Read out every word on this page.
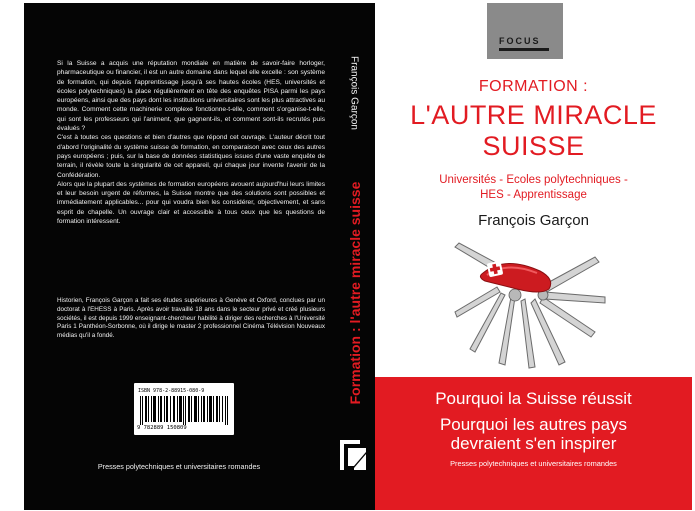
Si la Suisse a acquis une réputation mondiale en matière de savoir-faire horloger, pharmaceutique ou financier, il est un autre domaine dans lequel elle excelle : son système de formation, qui depuis l'apprentissage jusqu'à ses hautes écoles (HES, universités et écoles polytechniques) la place régulièrement en tête des enquêtes PISA parmi les pays européens, ainsi que des pays dont les institutions universitaires sont les plus attractives au monde. Comment cette machinerie complexe fonctionne-t-elle, comment s'organise-t-elle, qui sont les professeurs qui l'animent, que gagnent-ils, et comment sont-ils recrutés puis évalués ?

C'est à toutes ces questions et bien d'autres que répond cet ouvrage. L'auteur décrit tout d'abord l'originalité du système suisse de formation, en comparaison avec ceux des autres pays européens ; puis, sur la base de données statistiques issues d'une vaste enquête de terrain, il révèle toute la singularité de cet appareil, qui chaque jour invente l'avenir de la Confédération.

Alors que la plupart des systèmes de formation européens avouent aujourd'hui leurs limites et leur besoin urgent de réformes, la Suisse montre que des solutions sont possibles et immédiatement applicables... pour qui voudra bien les considérer, objectivement, et sans esprit de chapelle. Un ouvrage clair et accessible à tous ceux que les questions de formation intéressent.

Historien, François Garçon a fait ses études supérieures à Genève et Oxford, conclues par un doctorat à l'EHESS à Paris. Après avoir travaillé 18 ans dans le secteur privé et créé plusieurs sociétés, il est depuis 1999 enseignant-chercheur habilité à diriger des recherches à l'Université Paris 1 Panthéon-Sorbonne, où il dirige le master 2 professionnel Cinéma Télévision Nouveaux médias qu'il a fondé.
ISBN 978-2-88915-080-9
9 782889 150809
Presses polytechniques et universitaires romandes
François Garçon
Formation : l'autre miracle suisse
FOCUS
FORMATION :
L'AUTRE MIRACLE
SUISSE
Universités - Ecoles polytechniques -
HES - Apprentissage
François Garçon
Pourquoi la Suisse réussit
Pourquoi les autres pays
devraient s'en inspirer
Presses polytechniques et universitaires romandes
